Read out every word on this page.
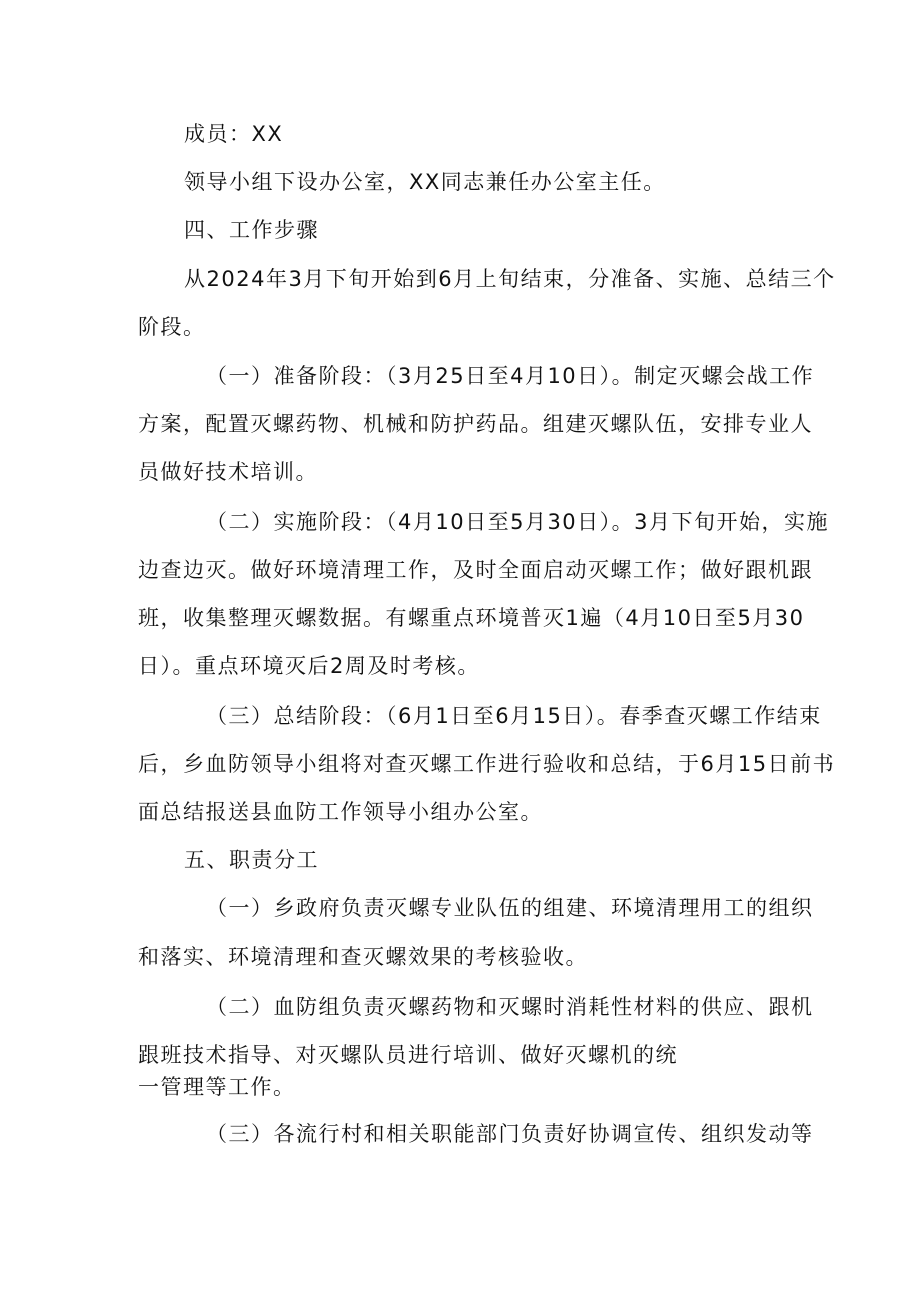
成员：XX
领导小组下设办公室，XX同志兼任办公室主任。
四、工作步骤
从2024年3月下旬开始到6月上旬结束，分准备、实施、总结三个
阶段。
（一）准备阶段：（3月25日至4月10日）。制定灭螺会战工作
方案，配置灭螺药物、机械和防护药品。组建灭螺队伍，安排专业人
员做好技术培训。
（二）实施阶段：（4月10日至5月30日）。3月下旬开始，实施
边查边灭。做好环境清理工作，及时全面启动灭螺工作；做好跟机跟
班，收集整理灭螺数据。有螺重点环境普灭1遍（4月10日至5月30
日）。重点环境灭后2周及时考核。
（三）总结阶段：（6月1日至6月15日）。春季查灭螺工作结束
后，乡血防领导小组将对查灭螺工作进行验收和总结，于6月15日前书
面总结报送县血防工作领导小组办公室。
五、职责分工
（一）乡政府负责灭螺专业队伍的组建、环境清理用工的组织
和落实、环境清理和查灭螺效果的考核验收。
（二）血防组负责灭螺药物和灭螺时消耗性材料的供应、跟机
跟班技术指导、对灭螺队员进行培训、做好灭螺机的统
一管理等工作。
（三）各流行村和相关职能部门负责好协调宣传、组织发动等
